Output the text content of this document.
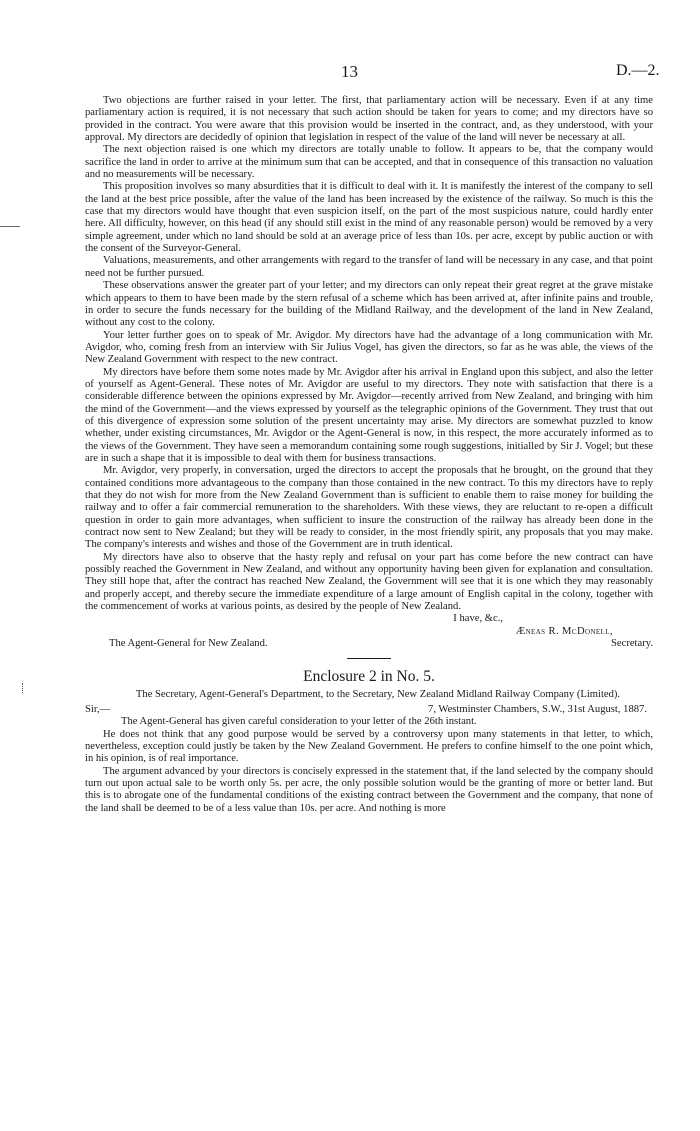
13	D.—2.

Two objections are further raised in your letter. The first, that parliamentary action will be necessary. Even if at any time parliamentary action is required, it is not necessary that such action should be taken for years to come; and my directors have so provided in the contract. You were aware that this provision would be inserted in the contract, and, as they understood, with your approval. My directors are decidedly of opinion that legislation in respect of the value of the land will never be necessary at all.

The next objection raised is one which my directors are totally unable to follow. It appears to be, that the company would sacrifice the land in order to arrive at the minimum sum that can be accepted, and that in consequence of this transaction no valuation and no measurements will be necessary.

This proposition involves so many absurdities that it is difficult to deal with it. It is manifestly the interest of the company to sell the land at the best price possible, after the value of the land has been increased by the existence of the railway. So much is this the case that my directors would have thought that even suspicion itself, on the part of the most suspicious nature, could hardly enter here. All difficulty, however, on this head (if any should still exist in the mind of any reasonable person) would be removed by a very simple agreement, under which no land should be sold at an average price of less than 10s. per acre, except by public auction or with the consent of the Surveyor-General.

Valuations, measurements, and other arrangements with regard to the transfer of land will be necessary in any case, and that point need not be further pursued.

These observations answer the greater part of your letter; and my directors can only repeat their great regret at the grave mistake which appears to them to have been made by the stern refusal of a scheme which has been arrived at, after infinite pains and trouble, in order to secure the funds necessary for the building of the Midland Railway, and the development of the land in New Zealand, without any cost to the colony.

Your letter further goes on to speak of Mr. Avigdor. My directors have had the advantage of a long communication with Mr. Avigdor, who, coming fresh from an interview with Sir Julius Vogel, has given the directors, so far as he was able, the views of the New Zealand Government with respect to the new contract.

My directors have before them some notes made by Mr. Avigdor after his arrival in England upon this subject, and also the letter of yourself as Agent-General. These notes of Mr. Avigdor are useful to my directors. They note with satisfaction that there is a considerable difference between the opinions expressed by Mr. Avigdor—recently arrived from New Zealand, and bringing with him the mind of the Government—and the views expressed by yourself as the telegraphic opinions of the Government. They trust that out of this divergence of expression some solution of the present uncertainty may arise. My directors are somewhat puzzled to know whether, under existing circumstances, Mr. Avigdor or the Agent-General is now, in this respect, the more accurately informed as to the views of the Government. They have seen a memorandum containing some rough suggestions, initialled by Sir J. Vogel; but these are in such a shape that it is impossible to deal with them for business transactions.

Mr. Avigdor, very properly, in conversation, urged the directors to accept the proposals that he brought, on the ground that they contained conditions more advantageous to the company than those contained in the new contract. To this my directors have to reply that they do not wish for more from the New Zealand Government than is sufficient to enable them to raise money for building the railway and to offer a fair commercial remuneration to the shareholders. With these views, they are reluctant to re-open a difficult question in order to gain more advantages, when sufficient to insure the construction of the railway has already been done in the contract now sent to New Zealand; but they will be ready to consider, in the most friendly spirit, any proposals that you may make. The company's interests and wishes and those of the Government are in truth identical.

My directors have also to observe that the hasty reply and refusal on your part has come before the new contract can have possibly reached the Government in New Zealand, and without any opportunity having been given for explanation and consultation. They still hope that, after the contract has reached New Zealand, the Government will see that it is one which they may reasonably and properly accept, and thereby secure the immediate expenditure of a large amount of English capital in the colony, together with the commencement of works at various points, as desired by the people of New Zealand.

I have, &c.,
Æneas R. McDonell,
The Agent-General for New Zealand.	Secretary.
Enclosure 2 in No. 5.

The Secretary, Agent-General's Department, to the Secretary, New Zealand Midland Railway Company (Limited).

Sir,—	7, Westminster Chambers, S.W., 31st August, 1887.

The Agent-General has given careful consideration to your letter of the 26th instant.

He does not think that any good purpose would be served by a controversy upon many statements in that letter, to which, nevertheless, exception could justly be taken by the New Zealand Government. He prefers to confine himself to the one point which, in his opinion, is of real importance.

The argument advanced by your directors is concisely expressed in the statement that, if the land selected by the company should turn out upon actual sale to be worth only 5s. per acre, the only possible solution would be the granting of more or better land. But this is to abrogate one of the fundamental conditions of the existing contract between the Government and the company, that none of the land shall be deemed to be of a less value than 10s. per acre. And nothing is more
